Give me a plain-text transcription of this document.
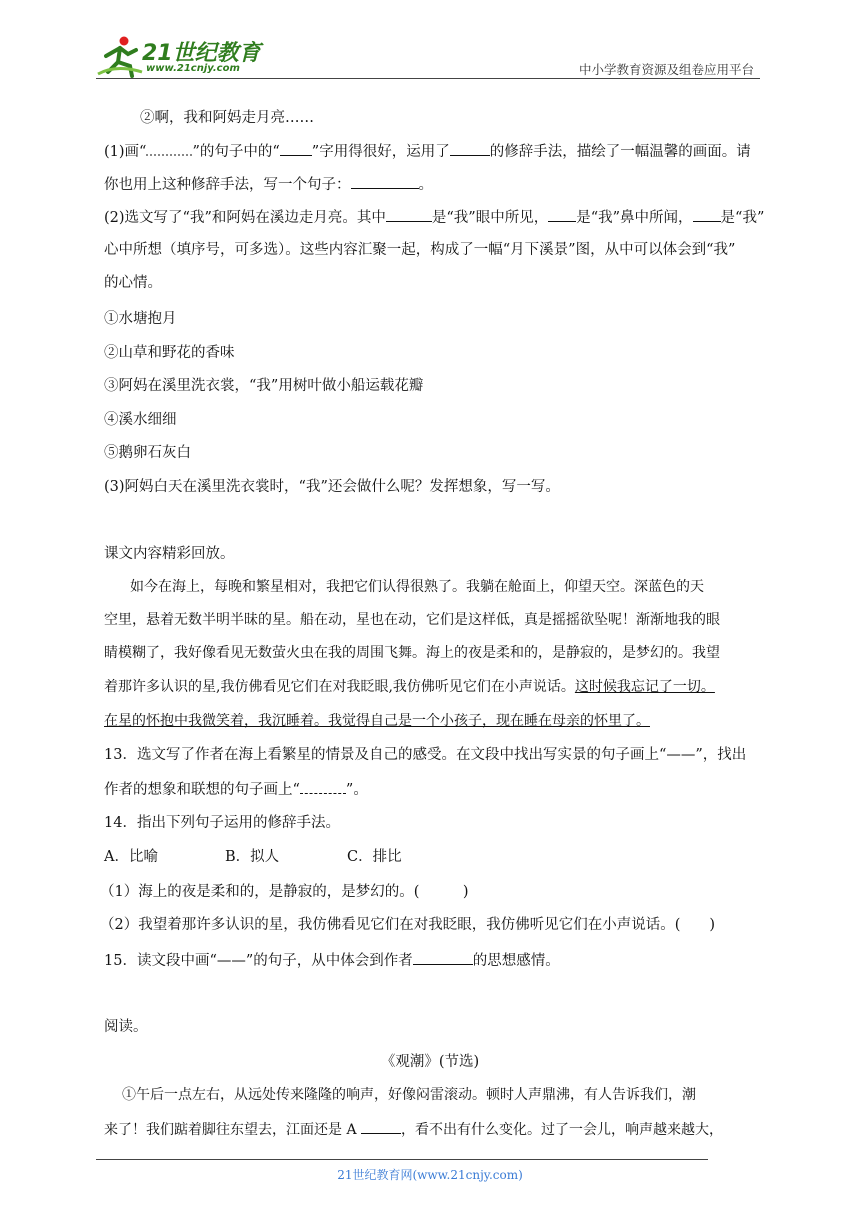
21世纪教育
www.21cnjy.com	中小学教育资源及组卷应用平台
②啊，我和阿妈走月亮……
(1)画“	”的句子中的“ ”字用得很好，运用了	的修辞手法，描绘了一幅温馨的画面。请
你也用上这种修辞手法，写一个句子：	。
(2)选文写了“我”和阿妈在溪边走月亮。其中	是“我”眼中所见， 是“我”鼻中所闻， 是“我”
心中所想（填序号，可多选）。这些内容汇聚一起，构成了一幅“月下溪景”图，从中可以体会到“我”
的心情。
①水塘抱月
②山草和野花的香味
③阿妈在溪里洗衣裳，“我”用树叶做小船运载花瓣
④溪水细细
⑤鹅卵石灰白
(3)阿妈白天在溪里洗衣裳时，“我”还会做什么呢？发挥想象，写一写。
课文内容精彩回放。
如今在海上，每晚和繁星相对，我把它们认得很熟了。我躺在舱面上，仰望天空。深蓝色的天
空里，悬着无数半明半昧的星。船在动，星也在动，它们是这样低，真是摇摇欲坠呢！渐渐地我的眼
睛模糊了，我好像看见无数萤火虫在我的周围飞舞。海上的夜是柔和的，是静寂的，是梦幻的。我望
着那许多认识的星,我仿佛看见它们在对我眨眼,我仿佛听见它们在小声说话。这时候我忘记了一切。
在星的怀抱中我微笑着，我沉睡着。我觉得自己是一个小孩子，现在睡在母亲的怀里了。
13．选文写了作者在海上看繁星的情景及自己的感受。在文段中找出写实景的句子画上“——”，找出
作者的想象和联想的句子画上“	”。
14．指出下列句子运用的修辞手法。
A．比喻	B．拟人	C．排比
（1）海上的夜是柔和的，是静寂的，是梦幻的。(　　　)
（2）我望着那许多认识的星，我仿佛看见它们在对我眨眼，我仿佛听见它们在小声说话。(　　)
15．读文段中画“——”的句子，从中体会到作者	的思想感情。
阅读。
《观潮》(节选)
①午后一点左右，从远处传来隆隆的响声，好像闷雷滚动。顿时人声鼎沸，有人告诉我们，潮
来了！我们踮着脚往东望去，江面还是 A	，看不出有什么变化。过了一会儿，响声越来越大，
21世纪教育网(www.21cnjy.com)
